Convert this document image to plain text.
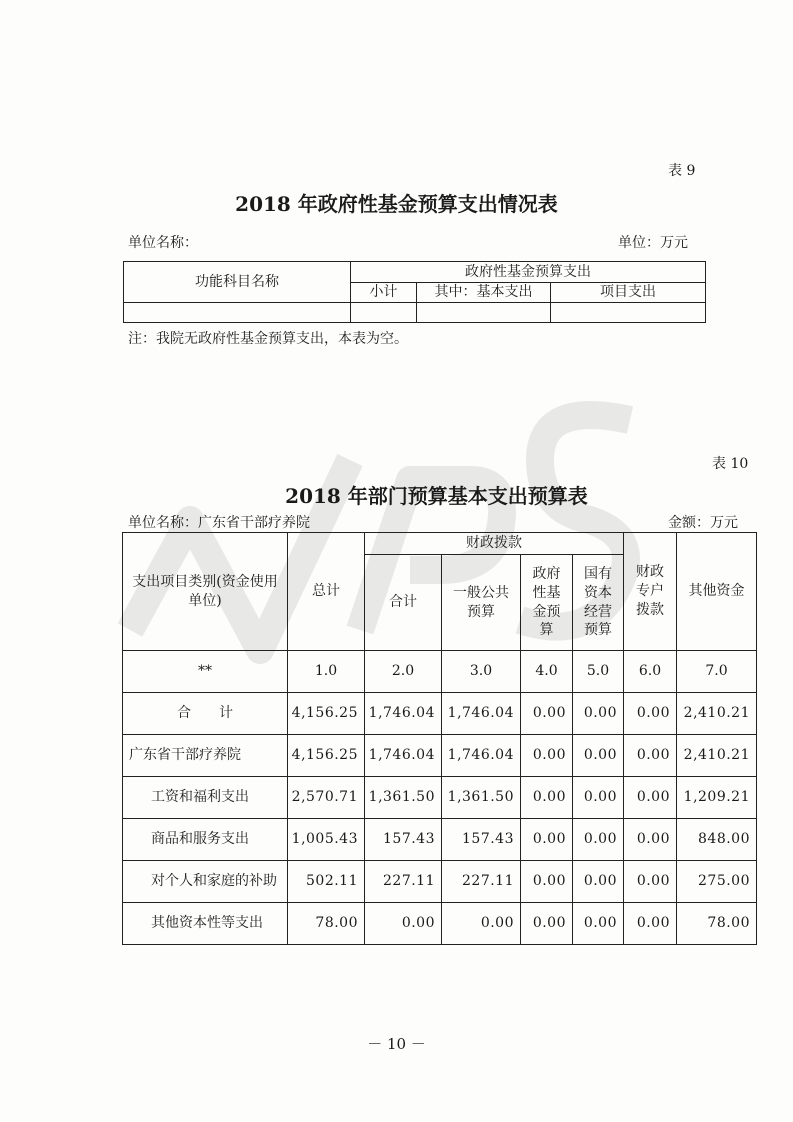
表 9
2018 年政府性基金预算支出情况表
单位名称：	单位：万元
功能科目名称	政府性基金预算支出		
	小计	其中：基本支出	项目支出

注：我院无政府性基金预算支出，本表为空。
表 10
2018 年部门预算基本支出预算表
单位名称：广东省干部疗养院	金额：万元
支出项目类别(资金使用单位)	总计	财政拨款				财政专户拨款	其他资金
		合计	一般公共预算	政府性基金预算	国有资本经营预算		
**	1.0	2.0	3.0	4.0	5.0	6.0	7.0
合　　计	4,156.25	1,746.04	1,746.04	0.00	0.00	0.00	2,410.21
广东省干部疗养院	4,156.25	1,746.04	1,746.04	0.00	0.00	0.00	2,410.21
工资和福利支出	2,570.71	1,361.50	1,361.50	0.00	0.00	0.00	1,209.21
商品和服务支出	1,005.43	157.43	157.43	0.00	0.00	0.00	848.00
对个人和家庭的补助	502.11	227.11	227.11	0.00	0.00	0.00	275.00
其他资本性等支出	78.00	0.00	0.00	0.00	0.00	0.00	78.00
－ 10 －
